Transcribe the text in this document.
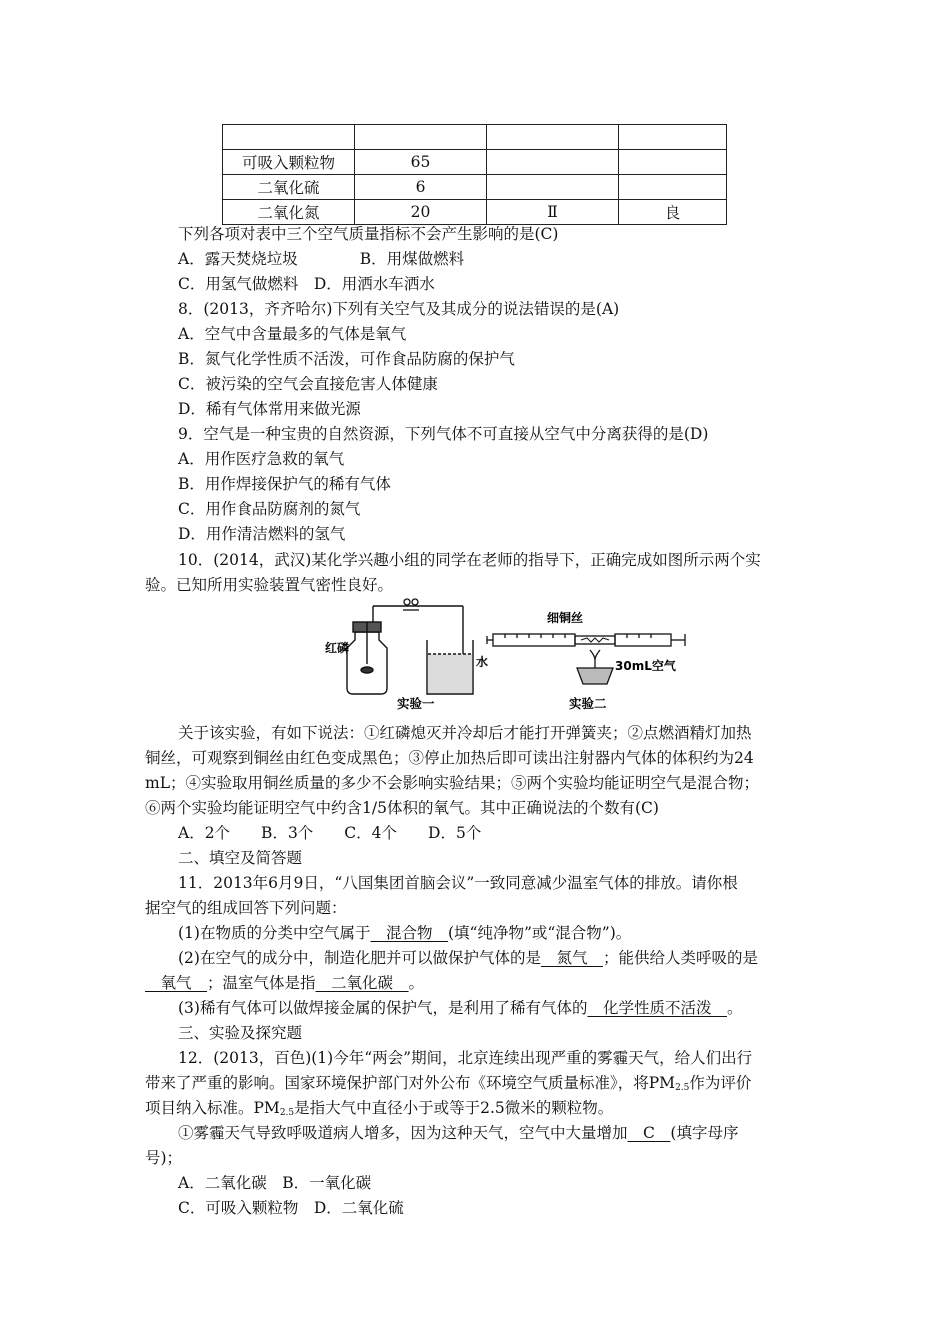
可吸入颗粒物	65		
二氧化硫	6		
二氧化氮	20	Ⅱ	良
下列各项对表中三个空气质量指标不会产生影响的是(C)
A．露天焚烧垃圾　　　　B．用煤做燃料
C．用氢气做燃料　D．用洒水车洒水
8．(2013，齐齐哈尔)下列有关空气及其成分的说法错误的是(A)
A．空气中含量最多的气体是氧气
B．氮气化学性质不活泼，可作食品防腐的保护气
C．被污染的空气会直接危害人体健康
D．稀有气体常用来做光源
9．空气是一种宝贵的自然资源，下列气体不可直接从空气中分离获得的是(D)
A．用作医疗急救的氧气
B．用作焊接保护气的稀有气体
C．用作食品防腐剂的氮气
D．用作清洁燃料的氢气
10．(2014，武汉)某化学兴趣小组的同学在老师的指导下，正确完成如图所示两个实
验。已知所用实验装置气密性良好。
红磷
水
实验一
细铜丝
30mL空气
实验二
关于该实验，有如下说法：①红磷熄灭并冷却后才能打开弹簧夹；②点燃酒精灯加热
铜丝，可观察到铜丝由红色变成黑色；③停止加热后即可读出注射器内气体的体积约为24
mL；④实验取用铜丝质量的多少不会影响实验结果；⑤两个实验均能证明空气是混合物；
⑥两个实验均能证明空气中约含1/5体积的氧气。其中正确说法的个数有(C)
A．2个　　B．3个　　C．4个　　D．5个
二、填空及简答题
11．2013年6月9日，“八国集团首脑会议”一致同意减少温室气体的排放。请你根
据空气的组成回答下列问题：
(1)在物质的分类中空气属于　混合物　(填“纯净物”或“混合物”)。
(2)在空气的成分中，制造化肥并可以做保护气体的是　氮气　；能供给人类呼吸的是
　氧气　；温室气体是指　二氧化碳　。
(3)稀有气体可以做焊接金属的保护气，是利用了稀有气体的　化学性质不活泼　。
三、实验及探究题
12．(2013，百色)(1)今年“两会”期间，北京连续出现严重的雾霾天气，给人们出行
带来了严重的影响。国家环境保护部门对外公布《环境空气质量标准》，将$PM_{2.5}$作为评价
项目纳入标准。$PM_{2.5}$是指大气中直径小于或等于2.5微米的颗粒物。
①雾霾天气导致呼吸道病人增多，因为这种天气，空气中大量增加　C　(填字母序
号)；
A．二氧化碳　B．一氧化碳
C．可吸入颗粒物　D．二氧化硫
